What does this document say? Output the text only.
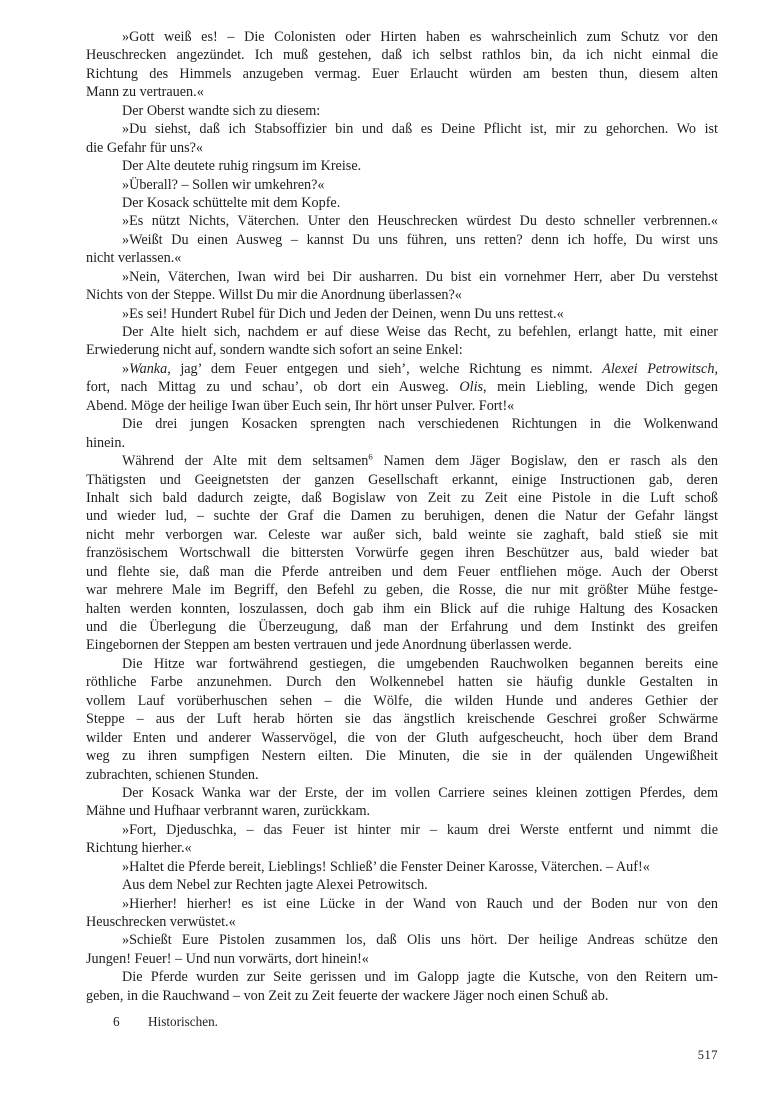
»Gott weiß es! – Die Colonisten oder Hirten haben es wahrscheinlich zum Schutz vor den
Heuschrecken angezündet. Ich muß gestehen, daß ich selbst rathlos bin, da ich nicht einmal die
Richtung des Himmels anzugeben vermag. Euer Erlaucht würden am besten thun, diesem alten
Mann zu vertrauen.«
Der Oberst wandte sich zu diesem:
»Du siehst, daß ich Stabsoffizier bin und daß es Deine Pflicht ist, mir zu gehorchen. Wo ist
die Gefahr für uns?«
Der Alte deutete ruhig ringsum im Kreise.
»Überall? – Sollen wir umkehren?«
Der Kosack schüttelte mit dem Kopfe.
»Es nützt Nichts, Väterchen. Unter den Heuschrecken würdest Du desto schneller verbrennen.«
»Weißt Du einen Ausweg – kannst Du uns führen, uns retten? denn ich hoffe, Du wirst uns
nicht verlassen.«
»Nein, Väterchen, Iwan wird bei Dir ausharren. Du bist ein vornehmer Herr, aber Du verstehst
Nichts von der Steppe. Willst Du mir die Anordnung überlassen?«
»Es sei! Hundert Rubel für Dich und Jeden der Deinen, wenn Du uns rettest.«
Der Alte hielt sich, nachdem er auf diese Weise das Recht, zu befehlen, erlangt hatte, mit einer
Erwiederung nicht auf, sondern wandte sich sofort an seine Enkel:
»Wanka, jag’ dem Feuer entgegen und sieh’, welche Richtung es nimmt. Alexei Petrowitsch,
fort, nach Mittag zu und schau’, ob dort ein Ausweg. Olis, mein Liebling, wende Dich gegen
Abend. Möge der heilige Iwan über Euch sein, Ihr hört unser Pulver. Fort!«
Die drei jungen Kosacken sprengten nach verschiedenen Richtungen in die Wolkenwand
hinein.
Während der Alte mit dem seltsamen$^6$ Namen dem Jäger Bogislaw, den er rasch als den
Thätigsten und Geeignetsten der ganzen Gesellschaft erkannt, einige Instructionen gab, deren
Inhalt sich bald dadurch zeigte, daß Bogislaw von Zeit zu Zeit eine Pistole in die Luft schoß
und wieder lud, – suchte der Graf die Damen zu beruhigen, denen die Natur der Gefahr längst
nicht mehr verborgen war. Celeste war außer sich, bald weinte sie zaghaft, bald stieß sie mit
französischem Wortschwall die bittersten Vorwürfe gegen ihren Beschützer aus, bald wieder bat
und flehte sie, daß man die Pferde antreiben und dem Feuer entfliehen möge. Auch der Oberst
war mehrere Male im Begriff, den Befehl zu geben, die Rosse, die nur mit größter Mühe festge-
halten werden konnten, loszulassen, doch gab ihm ein Blick auf die ruhige Haltung des Kosacken
und die Überlegung die Überzeugung, daß man der Erfahrung und dem Instinkt des greifen
Eingebornen der Steppen am besten vertrauen und jede Anordnung überlassen werde.
Die Hitze war fortwährend gestiegen, die umgebenden Rauchwolken begannen bereits eine
röthliche Farbe anzunehmen. Durch den Wolkennebel hatten sie häufig dunkle Gestalten in
vollem Lauf vorüberhuschen sehen – die Wölfe, die wilden Hunde und anderes Gethier der
Steppe – aus der Luft herab hörten sie das ängstlich kreischende Geschrei großer Schwärme
wilder Enten und anderer Wasservögel, die von der Gluth aufgescheucht, hoch über dem Brand
weg zu ihren sumpfigen Nestern eilten. Die Minuten, die sie in der quälenden Ungewißheit
zubrachten, schienen Stunden.
Der Kosack Wanka war der Erste, der im vollen Carriere seines kleinen zottigen Pferdes, dem
Mähne und Hufhaar verbrannt waren, zurückkam.
»Fort, Djeduschka, – das Feuer ist hinter mir – kaum drei Werste entfernt und nimmt die
Richtung hierher.«
»Haltet die Pferde bereit, Lieblings! Schließ’ die Fenster Deiner Karosse, Väterchen. – Auf!«
Aus dem Nebel zur Rechten jagte Alexei Petrowitsch.
»Hierher! hierher! es ist eine Lücke in der Wand von Rauch und der Boden nur von den
Heuschrecken verwüstet.«
»Schießt Eure Pistolen zusammen los, daß Olis uns hört. Der heilige Andreas schütze den
Jungen! Feuer! – Und nun vorwärts, dort hinein!«
Die Pferde wurden zur Seite gerissen und im Galopp jagte die Kutsche, von den Reitern um-
geben, in die Rauchwand – von Zeit zu Zeit feuerte der wackere Jäger noch einen Schuß ab.
6 Historischen.
517
